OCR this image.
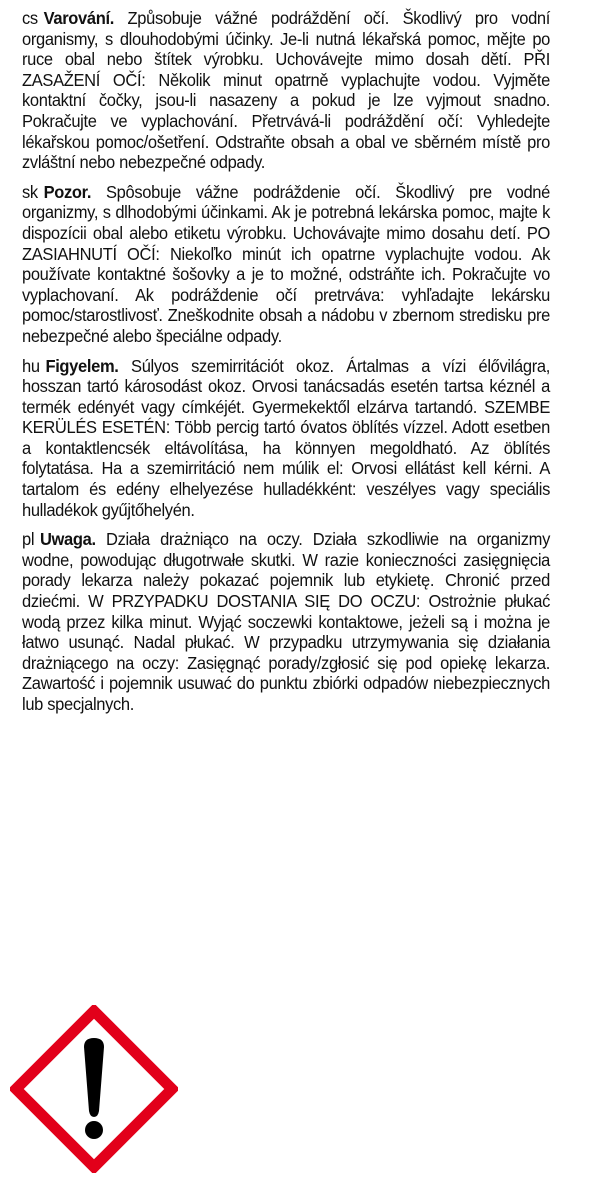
cs Varování. Způsobuje vážné podráždění očí. Škodlivý pro vodní organismy, s dlouhodobými účinky. Je-li nutná lékařská pomoc, mějte po ruce obal nebo štítek výrobku. Uchovávejte mimo dosah dětí. PŘI ZASAŽENÍ OČÍ: Několik minut opatrně vyplachujte vodou. Vyjměte kontaktní čočky, jsou-li nasazeny a pokud je lze vyjmout snadno. Pokračujte ve vyplachování. Přetrvává-li podráždění očí: Vyhledejte lékařskou pomoc/ošetření. Odstraňte obsah a obal ve sběrném místě pro zvláštní nebo nebezpečné odpady.

sk Pozor. Spôsobuje vážne podráždenie očí. Škodlivý pre vodné organizmy, s dlhodobými účinkami. Ak je potrebná lekárska pomoc, majte k dispozícii obal alebo etiketu výrobku. Uchovávajte mimo dosahu detí. PO ZASIAHNUTÍ OČÍ: Niekoľko minút ich opatrne vyplachujte vodou. Ak používate kontaktné šošovky a je to možné, odstráňte ich. Pokračujte vo vyplachovaní. Ak podráždenie očí pretrváva: vyhľadajte lekársku pomoc/starostlivosť. Zneškodnite obsah a nádobu v zbernom stredisku pre nebezpečné alebo špeciálne odpady.

hu Figyelem. Súlyos szemirritációt okoz. Ártalmas a vízi élővilágra, hosszan tartó károsodást okoz. Orvosi tanácsadás esetén tartsa kéznél a termék edényét vagy címkéjét. Gyermekektől elzárva tartandó. SZEMBE KERÜLÉS ESETÉN: Több percig tartó óvatos öblítés vízzel. Adott esetben a kontaktlencsék eltávolítása, ha könnyen megoldható. Az öblítés folytatása. Ha a szemirritáció nem múlik el: Orvosi ellátást kell kérni. A tartalom és edény elhelyezése hulladékként: veszélyes vagy speciális hulladékok gyűjtőhelyén.

pl Uwaga. Działa drażniąco na oczy. Działa szkodliwie na organizmy wodne, powodując długotrwałe skutki. W razie konieczności zasięgnięcia porady lekarza należy pokazać pojemnik lub etykietę. Chronić przed dziećmi. W PRZYPADKU DOSTANIA SIĘ DO OCZU: Ostrożnie płukać wodą przez kilka minut. Wyjąć soczewki kontaktowe, jeżeli są i można je łatwo usunąć. Nadal płukać. W przypadku utrzymywania się działania drażniącego na oczy: Zasięgnąć porady/zgłosić się pod opiekę lekarza. Zawartość i pojemnik usuwać do punktu zbiórki odpadów niebezpiecznych lub specjalnych.
